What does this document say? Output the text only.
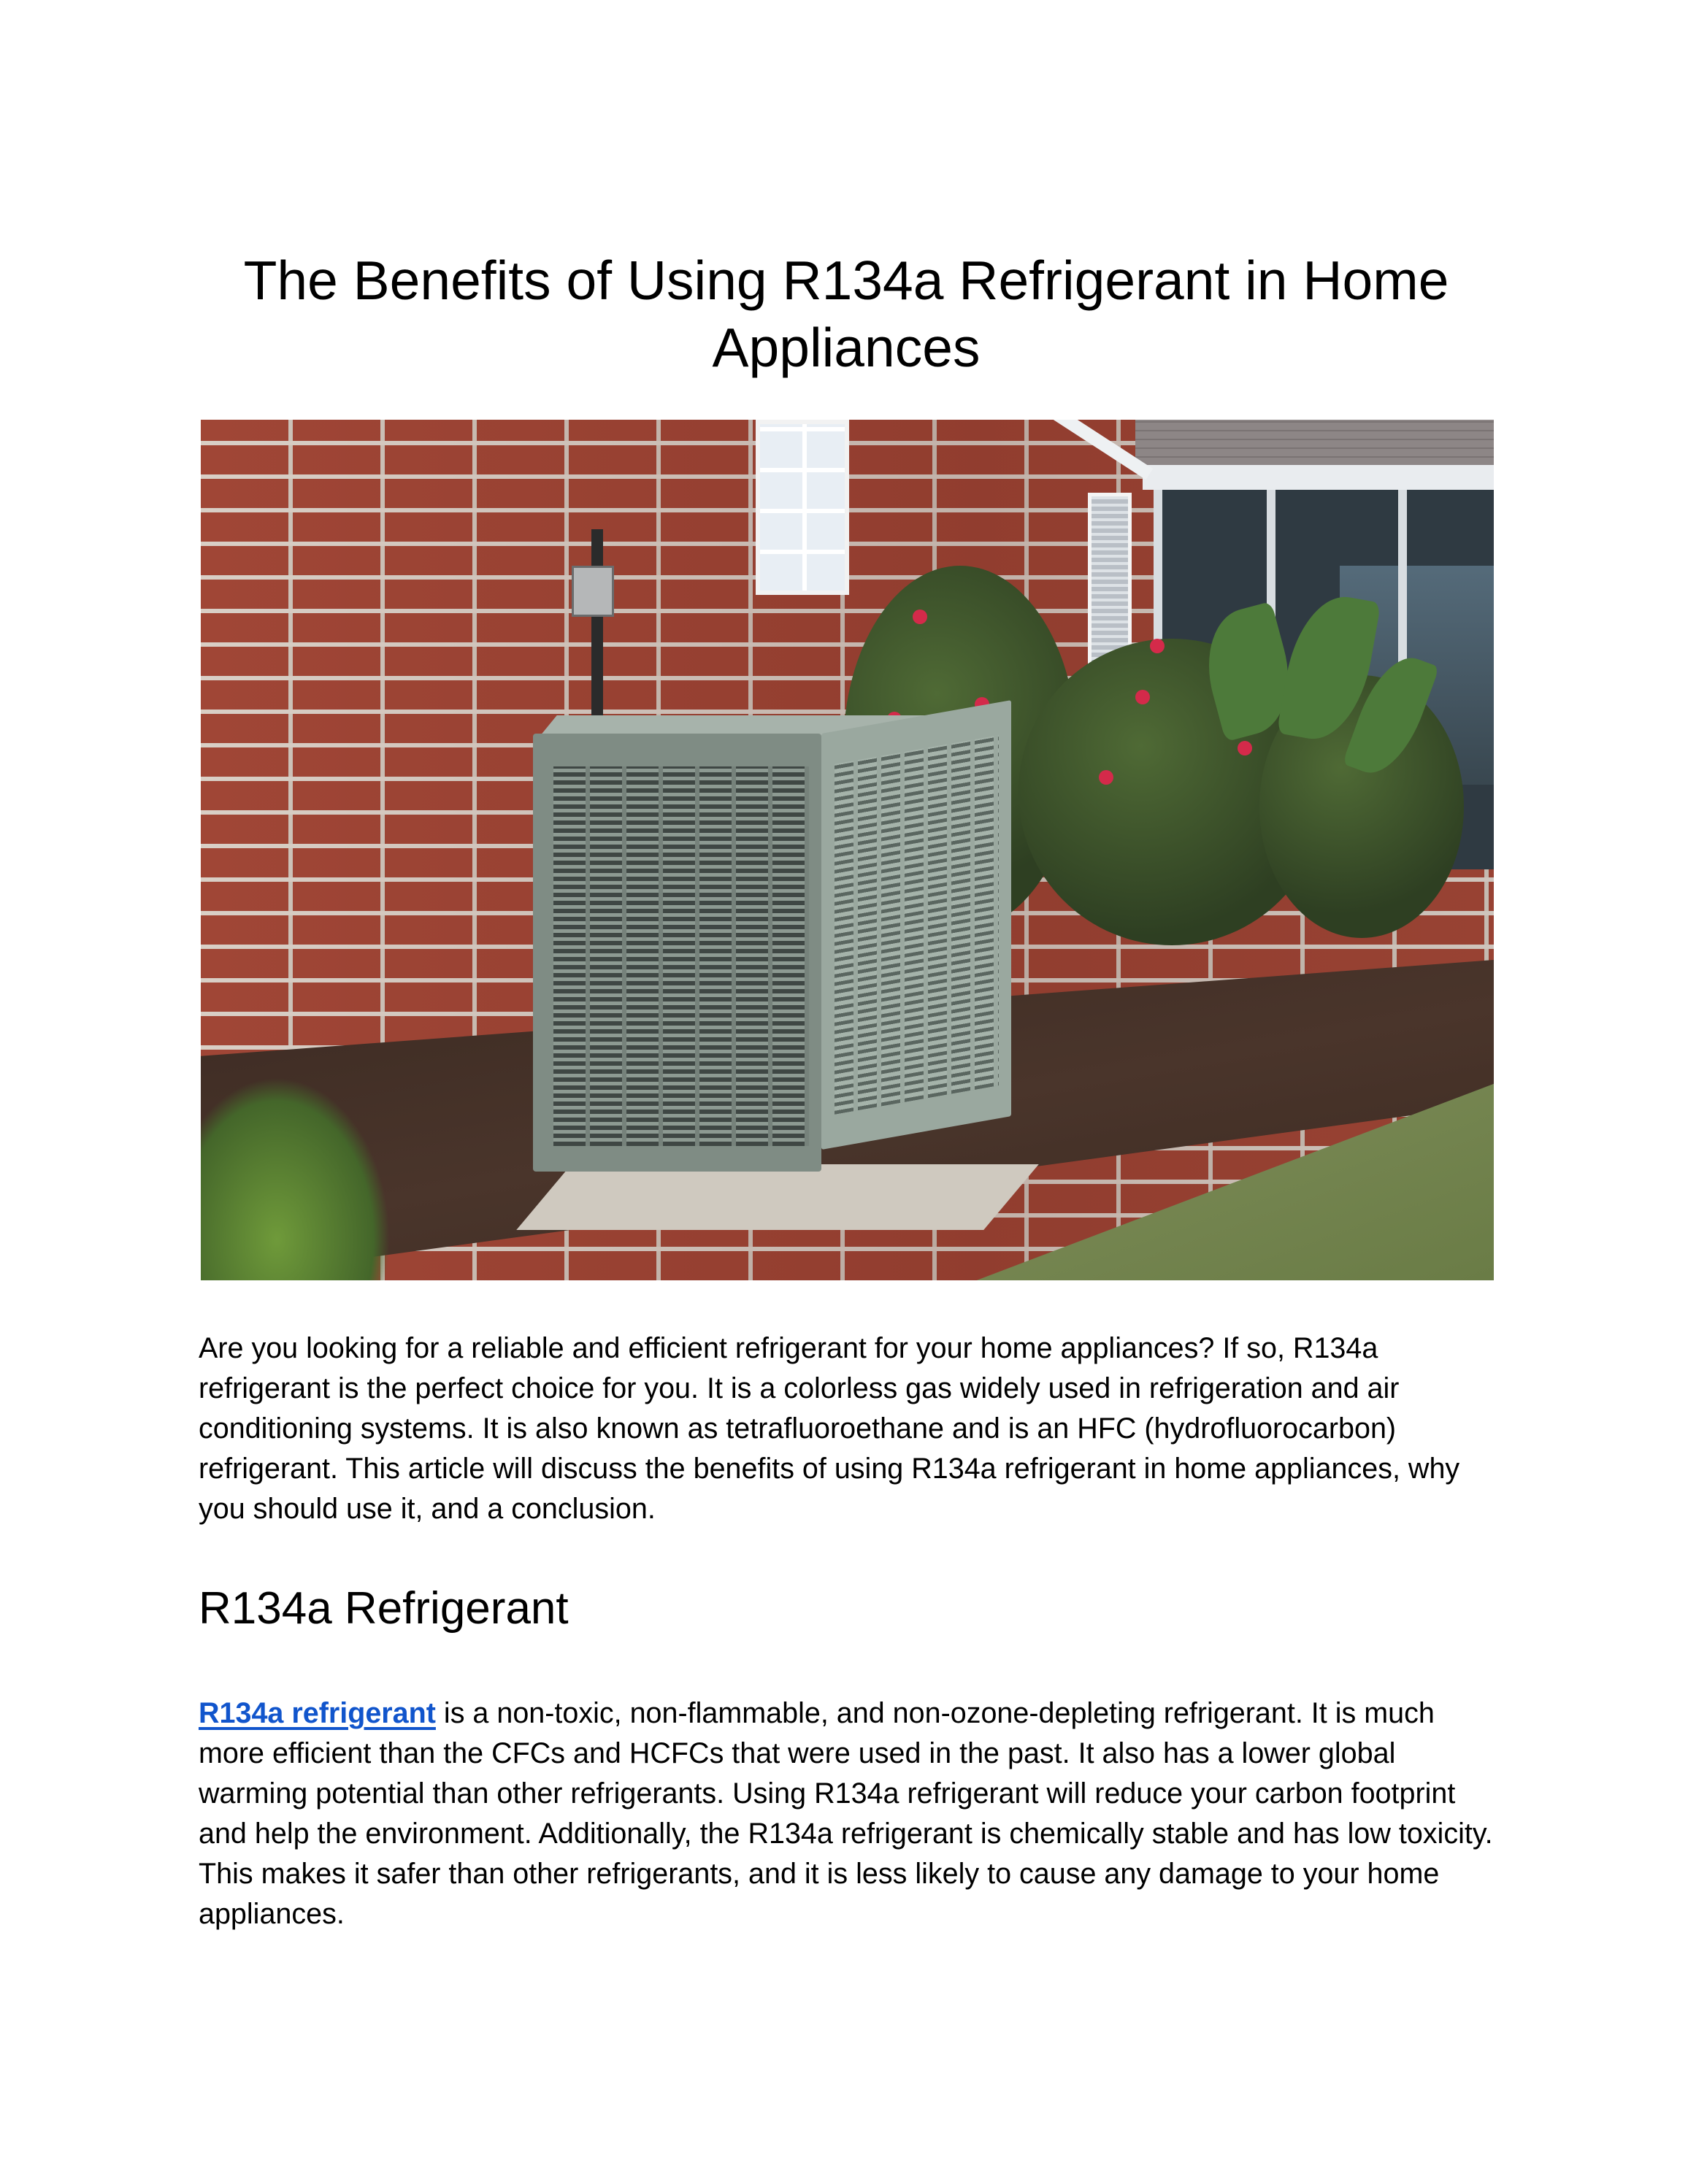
The Benefits of Using R134a Refrigerant in Home Appliances

Are you looking for a reliable and efficient refrigerant for your home appliances? If so, R134a refrigerant is the perfect choice for you. It is a colorless gas widely used in refrigeration and air conditioning systems. It is also known as tetrafluoroethane and is an HFC (hydrofluorocarbon) refrigerant. This article will discuss the benefits of using R134a refrigerant in home appliances, why you should use it, and a conclusion.

R134a Refrigerant

R134a refrigerant is a non-toxic, non-flammable, and non-ozone-depleting refrigerant. It is much more efficient than the CFCs and HCFCs that were used in the past. It also has a lower global warming potential than other refrigerants. Using R134a refrigerant will reduce your carbon footprint and help the environment. Additionally, the R134a refrigerant is chemically stable and has low toxicity. This makes it safer than other refrigerants, and it is less likely to cause any damage to your home appliances.
